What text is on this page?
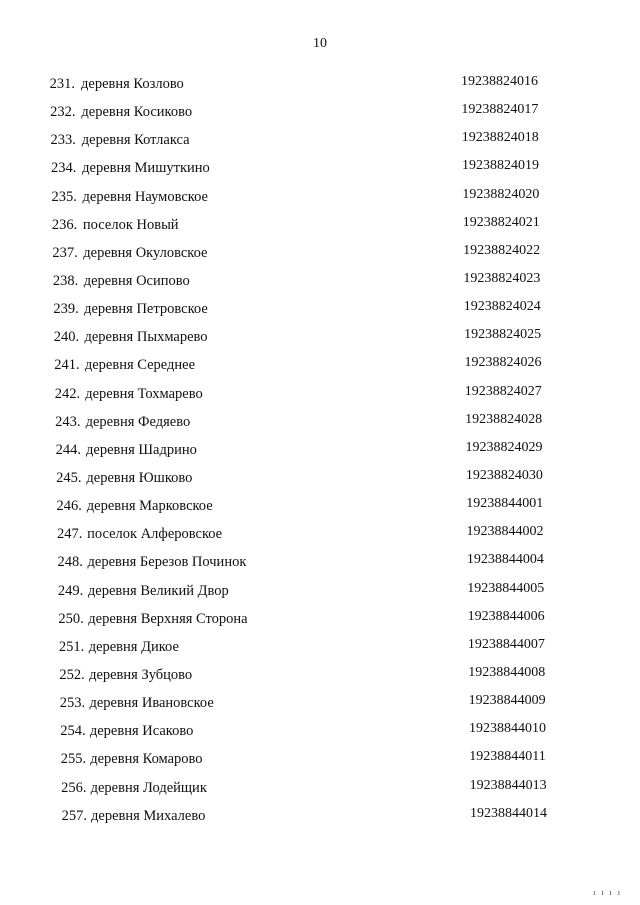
10
231. деревня Козлово	19238824016
232. деревня Косиково	19238824017
233. деревня Котлакса	19238824018
234. деревня Мишуткино	19238824019
235. деревня Наумовское	19238824020
236. поселок Новый	19238824021
237. деревня Окуловское	19238824022
238. деревня Осипово	19238824023
239. деревня Петровское	19238824024
240. деревня Пыхмарево	19238824025
241. деревня Середнее	19238824026
242. деревня Тохмарево	19238824027
243. деревня Федяево	19238824028
244. деревня Шадрино	19238824029
245. деревня Юшково	19238824030
246. деревня Марковское	19238844001
247. поселок Алферовское	19238844002
248. деревня Березов Починок	19238844004
249. деревня Великий Двор	19238844005
250. деревня Верхняя Сторона	19238844006
251. деревня Дикое	19238844007
252. деревня Зубцово	19238844008
253. деревня Ивановское	19238844009
254. деревня Исаково	19238844010
255. деревня Комарово	19238844011
256. деревня Лодейщик	19238844013
257. деревня Михалево	19238844014
ı ı ı ı
